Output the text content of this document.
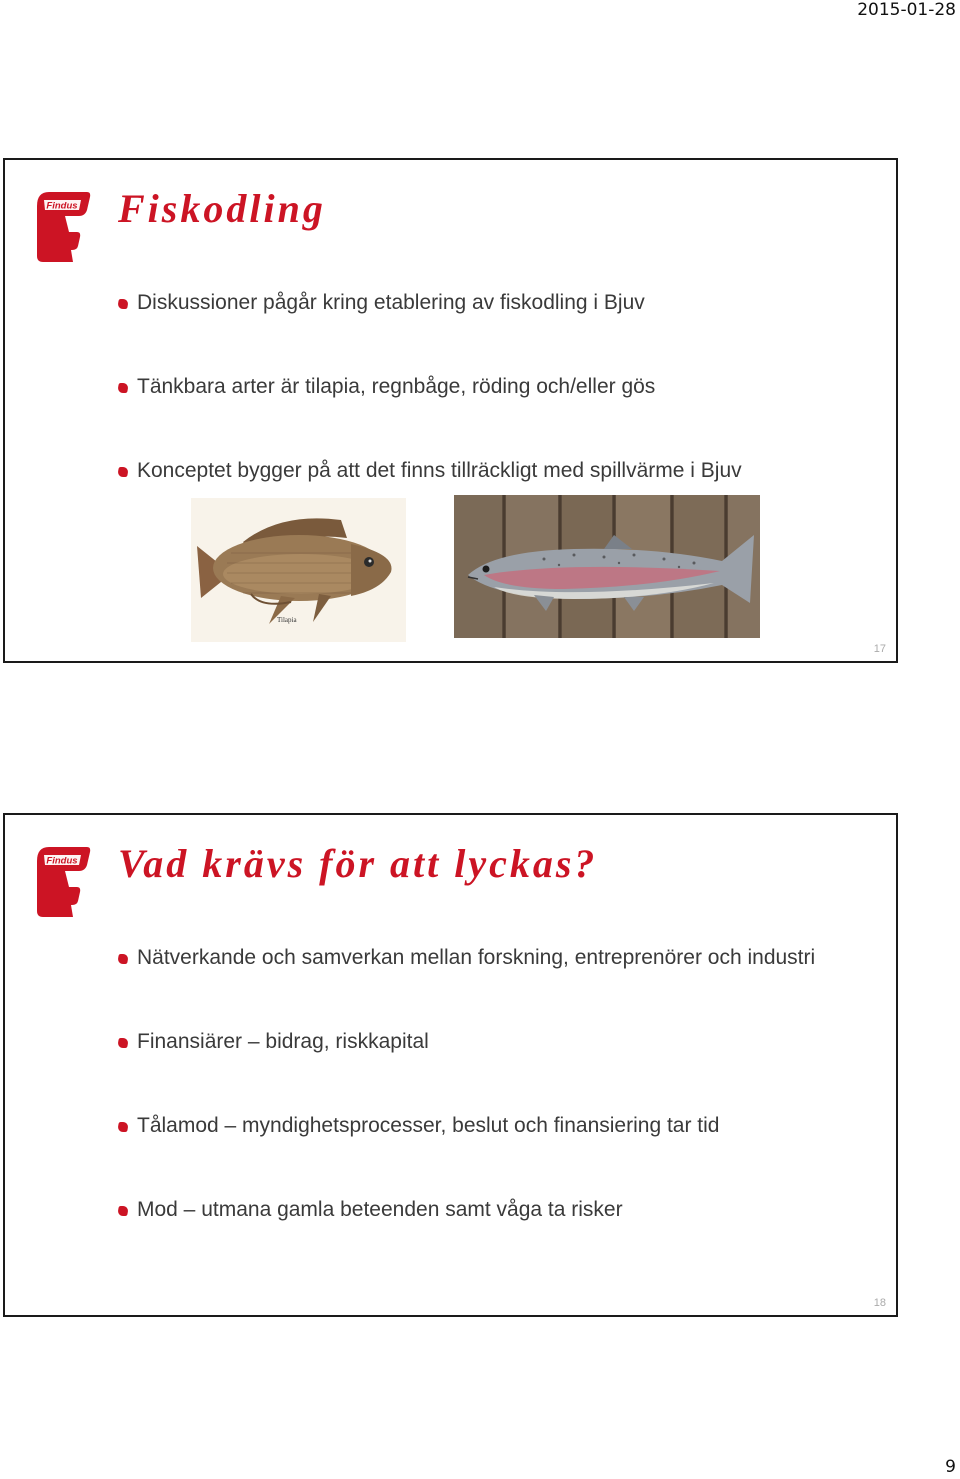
2015-01-28
Findus Fiskodling
Diskussioner pågår kring etablering av fiskodling i Bjuv
Tänkbara arter är tilapia, regnbåge, röding och/eller gös
Konceptet bygger på att det finns tillräckligt med spillvärme i Bjuv
Tilapia
17
Findus Vad krävs för att lyckas?
Nätverkande och samverkan mellan forskning, entreprenörer och industri
Finansiärer – bidrag, riskkapital
Tålamod – myndighetsprocesser, beslut och finansiering tar tid
Mod – utmana gamla beteenden samt våga ta risker
18
9
